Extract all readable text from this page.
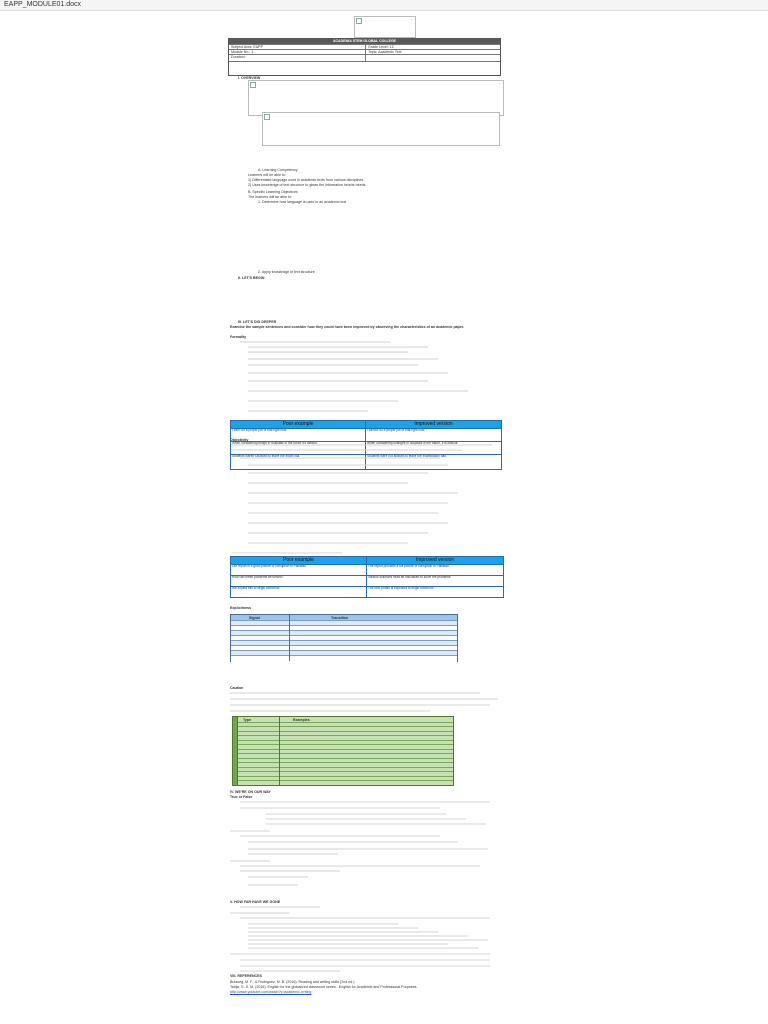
EAPP_MODULE01.docx
ACADEMIA STEM GLOBAL COLLEGE
Subject Area: EAPP	Grade Level: 12
Module No.: 1	Topic: Academic Text
Duration:
I. OVERVIEW
A. Learning Competency
Learners will be able to:
1) Differentiate language used in academic texts from various disciplines
2) Uses knowledge of text structure to glean the information he/she needs
B. Specific Learning Objectives
The learners will be able to:
1. Determine how language is used in an academic text
2. Apply knowledge of text structure
II. LET'S BEGIN
III. LET'S DIG DEEPER
Examine the sample sentences and consider how they could have been improved by observing the characteristics of an academic paper.
Formality
Poor example	Improved version
I can't do a proper job of that right now.	I cannot do a proper job of that right now.
When considering things in hospitals in the future it's difficult.	When considering changes in hospitals in the future, it is difficult.
Students weren't allowed to leave the exam hall.	Students were not allowed to leave the examination hall.
Objectivity
Poor example	Improved version
Our report is a good picture of corruption in Pakistan.	The report provides a full picture of corruption in Pakistan.
How can these problems be solved?	Various solutions must be discussed to solve the problems.
We expect this to begin tomorrow.	The next phase is expected to begin tomorrow.
Explicitness
Signal	Transition
Caution
Type	Examples
IV. WE'RE ON OUR WAY
True or False
V. HOW FAR HAVE WE GONE
VIII. REFERENCES
Bulaong, M. F., & Rodriguez, M. B. (2016). Reading and writing skills (2nd ed.).
Tabije, E. S. M. (2016). English for the globalized classroom series - English for Academic and Professional Purposes.
http://www.youtube.com/watch?v=academic-writing
